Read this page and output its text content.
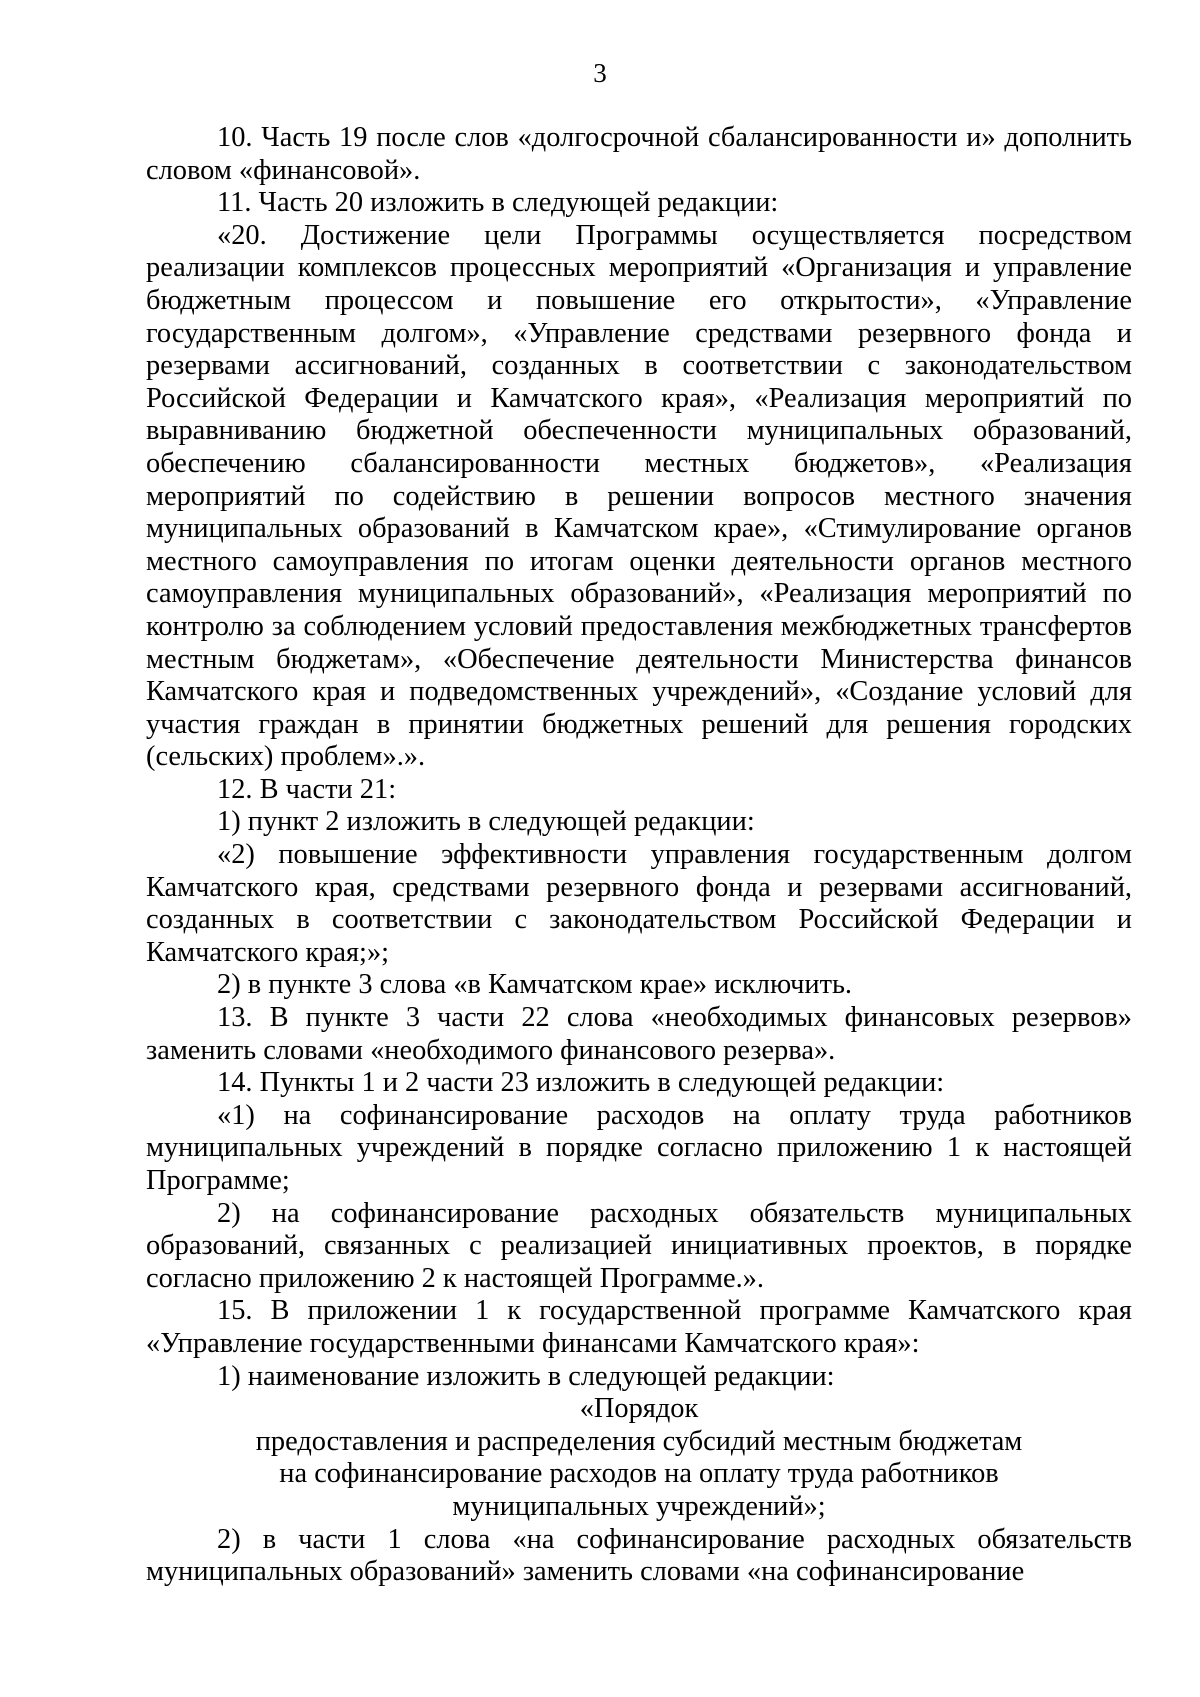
3

10. Часть 19 после слов «долгосрочной сбалансированности и» дополнить словом «финансовой».

11. Часть 20 изложить в следующей редакции:

«20. Достижение цели Программы осуществляется посредством реализации комплексов процессных мероприятий «Организация и управление бюджетным процессом и повышение его открытости», «Управление государственным долгом», «Управление средствами резервного фонда и резервами ассигнований, созданных в соответствии с законодательством Российской Федерации и Камчатского края», «Реализация мероприятий по выравниванию бюджетной обеспеченности муниципальных образований, обеспечению сбалансированности местных бюджетов», «Реализация мероприятий по содействию в решении вопросов местного значения муниципальных образований в Камчатском крае», «Стимулирование органов местного самоуправления по итогам оценки деятельности органов местного самоуправления муниципальных образований», «Реализация мероприятий по контролю за соблюдением условий предоставления межбюджетных трансфертов местным бюджетам», «Обеспечение деятельности Министерства финансов Камчатского края и подведомственных учреждений», «Создание условий для участия граждан в принятии бюджетных решений для решения городских (сельских) проблем».».

12. В части 21:

1) пункт 2 изложить в следующей редакции:

«2) повышение эффективности управления государственным долгом Камчатского края, средствами резервного фонда и резервами ассигнований, созданных в соответствии с законодательством Российской Федерации и Камчатского края;»;

2) в пункте 3 слова «в Камчатском крае» исключить.

13. В пункте 3 части 22 слова «необходимых финансовых резервов» заменить словами «необходимого финансового резерва».

14. Пункты 1 и 2 части 23 изложить в следующей редакции:

«1) на софинансирование расходов на оплату труда работников муниципальных учреждений в порядке согласно приложению 1 к настоящей Программе;

2) на софинансирование расходных обязательств муниципальных образований, связанных с реализацией инициативных проектов, в порядке согласно приложению 2 к настоящей Программе.».

15. В приложении 1 к государственной программе Камчатского края «Управление государственными финансами Камчатского края»:

1) наименование изложить в следующей редакции:

«Порядок

предоставления и распределения субсидий местным бюджетам

на софинансирование расходов на оплату труда работников

муниципальных учреждений»;

2) в части 1 слова «на софинансирование расходных обязательств муниципальных образований» заменить словами «на софинансирование
